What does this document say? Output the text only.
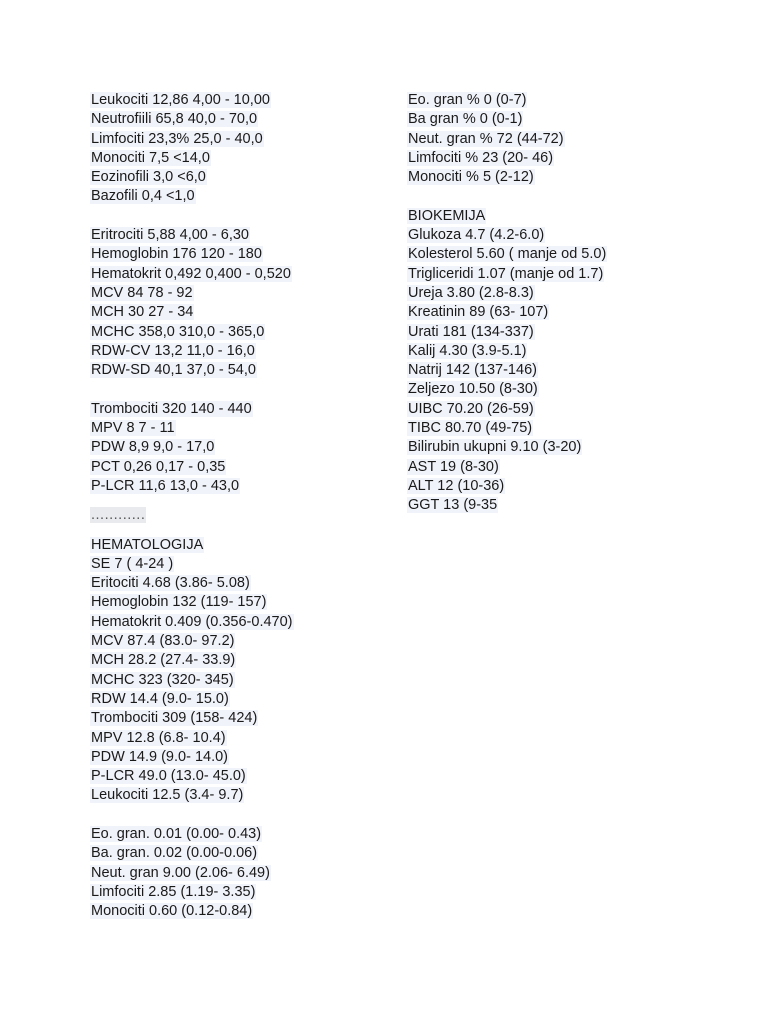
Leukociti 12,86 4,00 - 10,00
Neutrofiili 65,8 40,0 - 70,0
Limfociti 23,3% 25,0 - 40,0
Monociti 7,5 <14,0
Eozinofili 3,0 <6,0
Bazofili 0,4 <1,0
Eritrociti 5,88 4,00 - 6,30
Hemoglobin 176 120 - 180
Hematokrit 0,492 0,400 - 0,520
MCV 84 78 - 92
MCH 30 27 - 34
MCHC 358,0 310,0 - 365,0
RDW-CV 13,2 11,0 - 16,0
RDW-SD 40,1 37,0 - 54,0
Trombociti 320 140 - 440
MPV 8 7 - 11
PDW 8,9 9,0 - 17,0
PCT 0,26 0,17 - 0,35
P-LCR 11,6 13,0 - 43,0
............
HEMATOLOGIJA
SE 7 ( 4-24 )
Eritociti 4.68 (3.86- 5.08)
Hemoglobin 132 (119- 157)
Hematokrit 0.409 (0.356-0.470)
MCV 87.4 (83.0- 97.2)
MCH 28.2 (27.4- 33.9)
MCHC 323 (320- 345)
RDW 14.4 (9.0- 15.0)
Trombociti 309 (158- 424)
MPV 12.8 (6.8- 10.4)
PDW 14.9 (9.0- 14.0)
P-LCR 49.0 (13.0- 45.0)
Leukociti 12.5 (3.4- 9.7)
Eo. gran. 0.01 (0.00- 0.43)
Ba. gran. 0.02 (0.00-0.06)
Neut. gran 9.00 (2.06- 6.49)
Limfociti 2.85 (1.19- 3.35)
Monociti 0.60 (0.12-0.84)
Eo. gran % 0 (0-7)
Ba gran % 0 (0-1)
Neut. gran % 72 (44-72)
Limfociti % 23 (20- 46)
Monociti % 5 (2-12)
BIOKEMIJA
Glukoza 4.7 (4.2-6.0)
Kolesterol 5.60 ( manje od 5.0)
Trigliceridi 1.07 (manje od 1.7)
Ureja 3.80 (2.8-8.3)
Kreatinin 89 (63- 107)
Urati 181 (134-337)
Kalij 4.30 (3.9-5.1)
Natrij 142 (137-146)
Zeljezo 10.50 (8-30)
UIBC 70.20 (26-59)
TIBC 80.70 (49-75)
Bilirubin ukupni 9.10 (3-20)
AST 19 (8-30)
ALT 12 (10-36)
GGT 13 (9-35
